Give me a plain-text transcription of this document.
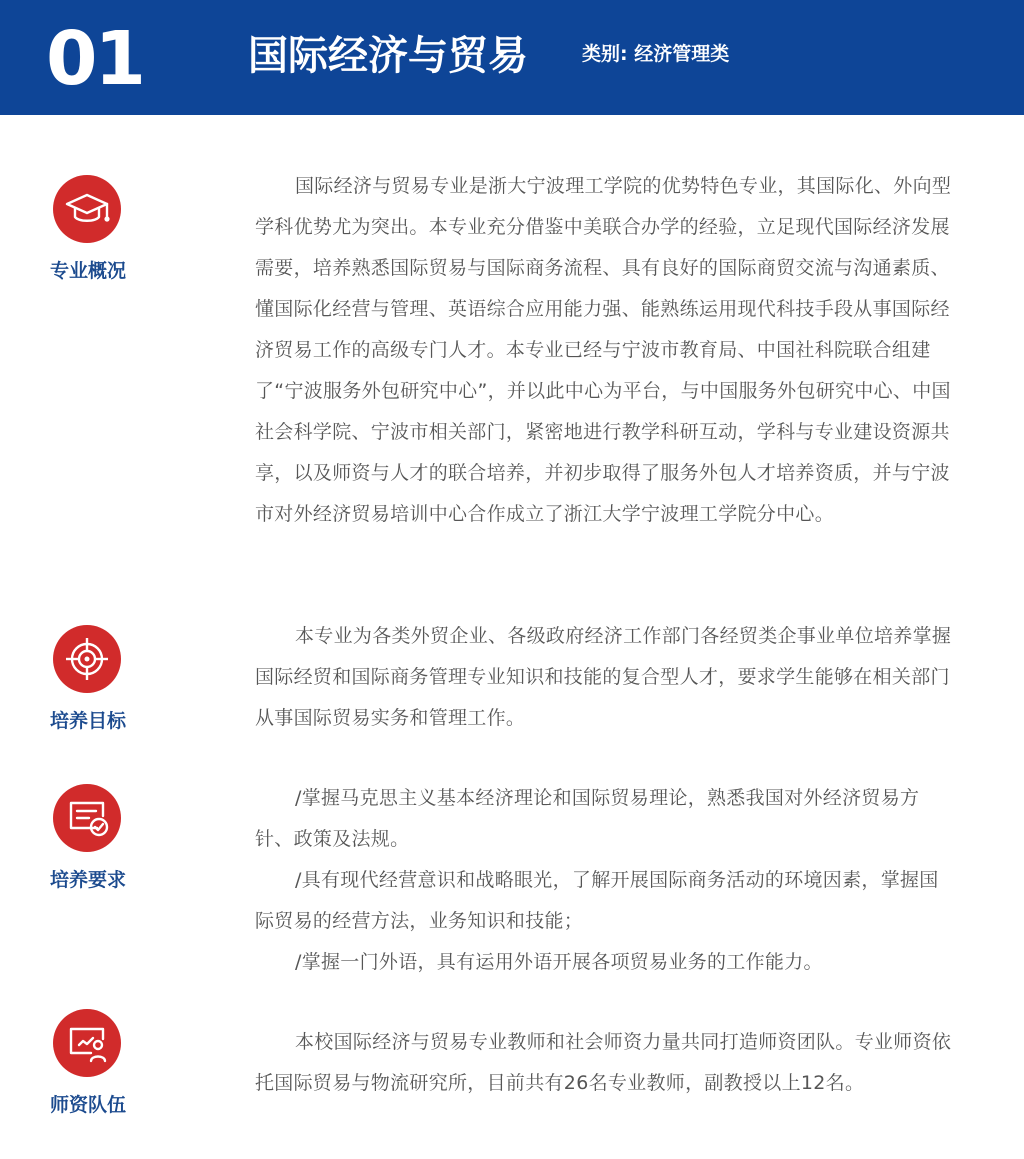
01	国际经济与贸易	类别: 经济管理类
专业概况

国际经济与贸易专业是浙大宁波理工学院的优势特色专业，其国际化、外向型学科优势尤为突出。本专业充分借鉴中美联合办学的经验，立足现代国际经济发展需要，培养熟悉国际贸易与国际商务流程、具有良好的国际商贸交流与沟通素质、懂国际化经营与管理、英语综合应用能力强、能熟练运用现代科技手段从事国际经济贸易工作的高级专门人才。本专业已经与宁波市教育局、中国社科院联合组建了“宁波服务外包研究中心”，并以此中心为平台，与中国服务外包研究中心、中国社会科学院、宁波市相关部门，紧密地进行教学科研互动，学科与专业建设资源共享，以及师资与人才的联合培养，并初步取得了服务外包人才培养资质，并与宁波市对外经济贸易培训中心合作成立了浙江大学宁波理工学院分中心。

培养目标

本专业为各类外贸企业、各级政府经济工作部门各经贸类企事业单位培养掌握国际经贸和国际商务管理专业知识和技能的复合型人才，要求学生能够在相关部门从事国际贸易实务和管理工作。

培养要求

/掌握马克思主义基本经济理论和国际贸易理论，熟悉我国对外经济贸易方针、政策及法规。

/具有现代经营意识和战略眼光，了解开展国际商务活动的环境因素，掌握国际贸易的经营方法，业务知识和技能；

/掌握一门外语，具有运用外语开展各项贸易业务的工作能力。

师资队伍

本校国际经济与贸易专业教师和社会师资力量共同打造师资团队。专业师资依托国际贸易与物流研究所，目前共有26名专业教师，副教授以上12名。
